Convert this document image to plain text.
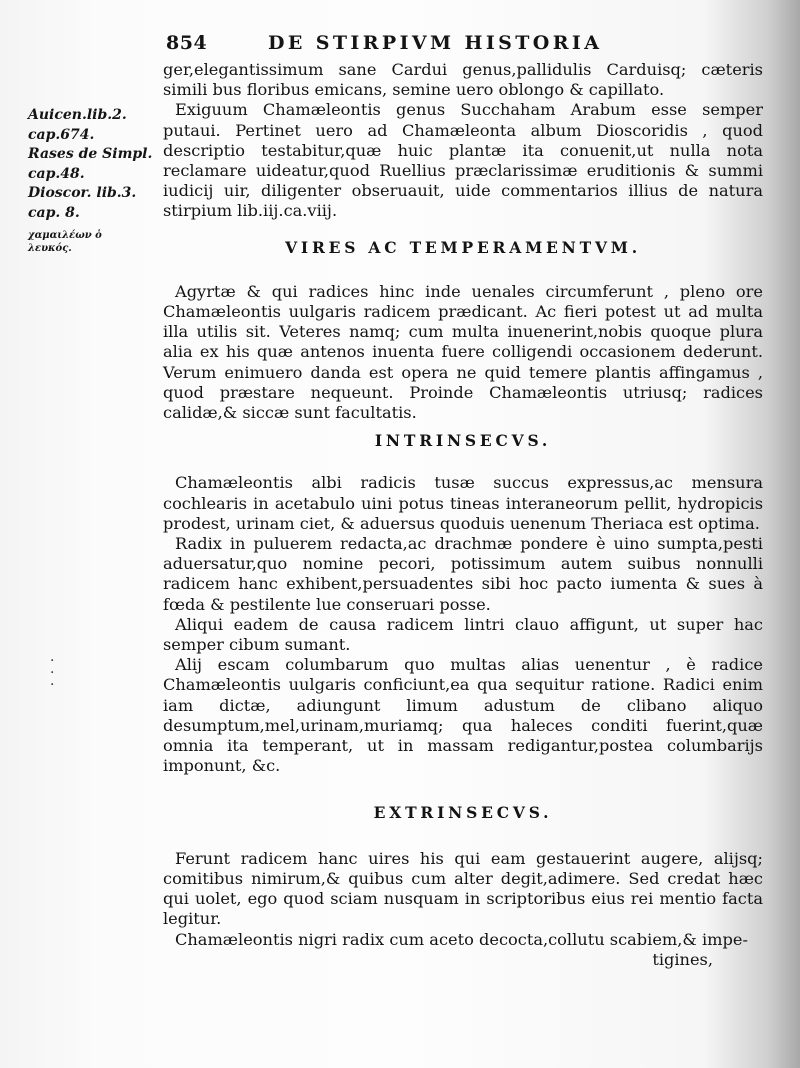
854	DE STIRPIVM HISTORIA
Auicen.lib.2.
cap.674.
Rases de Simpl.
cap.48.
Dioscor. lib.3.
cap. 8.
χαμαιλέων ὁ
λευκός.
·
·
·

ger,elegantissimum sane Cardui genus,pallidulis Carduisq; cæteris simili bus floribus emicans, semine uero oblongo & capillato.

Exiguum Chamæleontis genus Succhaham Arabum esse semper putaui. Pertinet uero ad Chamæleonta album Dioscoridis , quod descriptio testabitur,quæ huic plantæ ita conuenit,ut nulla nota reclamare uideatur,quod Ruellius præclarissimæ eruditionis & summi iudicij uir, diligenter obseruauit, uide commentarios illius de natura stirpium lib.iij.ca.viij.

VIRES AC TEMPERAMENTVM.

Agyrtæ & qui radices hinc inde uenales circumferunt , pleno ore Chamæleontis uulgaris radicem prædicant. Ac fieri potest ut ad multa illa utilis sit. Veteres namq; cum multa inuenerint,nobis quoque plura alia ex his quæ antenos inuenta fuere colligendi occasionem dederunt. Verum enimuero danda est opera ne quid temere plantis affingamus , quod præstare nequeunt. Proinde Chamæleontis utriusq; radices calidæ,& siccæ sunt facultatis.

INTRINSECVS.

Chamæleontis albi radicis tusæ succus expressus,ac mensura cochlearis in acetabulo uini potus tineas interaneorum pellit, hydropicis prodest, urinam ciet, & aduersus quoduis uenenum Theriaca est optima.

Radix in puluerem redacta,ac drachmæ pondere è uino sumpta,pesti aduersatur,quo nomine pecori, potissimum autem suibus nonnulli radicem hanc exhibent,persuadentes sibi hoc pacto iumenta & sues à fœda & pestilente lue conseruari posse.

Aliqui eadem de causa radicem lintri clauo affigunt, ut super hac semper cibum sumant.

Alij escam columbarum quo multas alias uenentur , è radice Chamæleontis uulgaris conficiunt,ea qua sequitur ratione. Radici enim iam dictæ, adiungunt limum adustum de clibano aliquo desumptum,mel,urinam,muriamq; qua haleces conditi fuerint,quæ omnia ita temperant, ut in massam redigantur,postea columbarijs imponunt, &c.

EXTRINSECVS.

Ferunt radicem hanc uires his qui eam gestauerint augere, alijsq; comitibus nimirum,& quibus cum alter degit,adimere. Sed credat hæc qui uolet, ego quod sciam nusquam in scriptoribus eius rei mentio facta legitur.

Chamæleontis nigri radix cum aceto decocta,collutu scabiem,& impe-

tigines,
